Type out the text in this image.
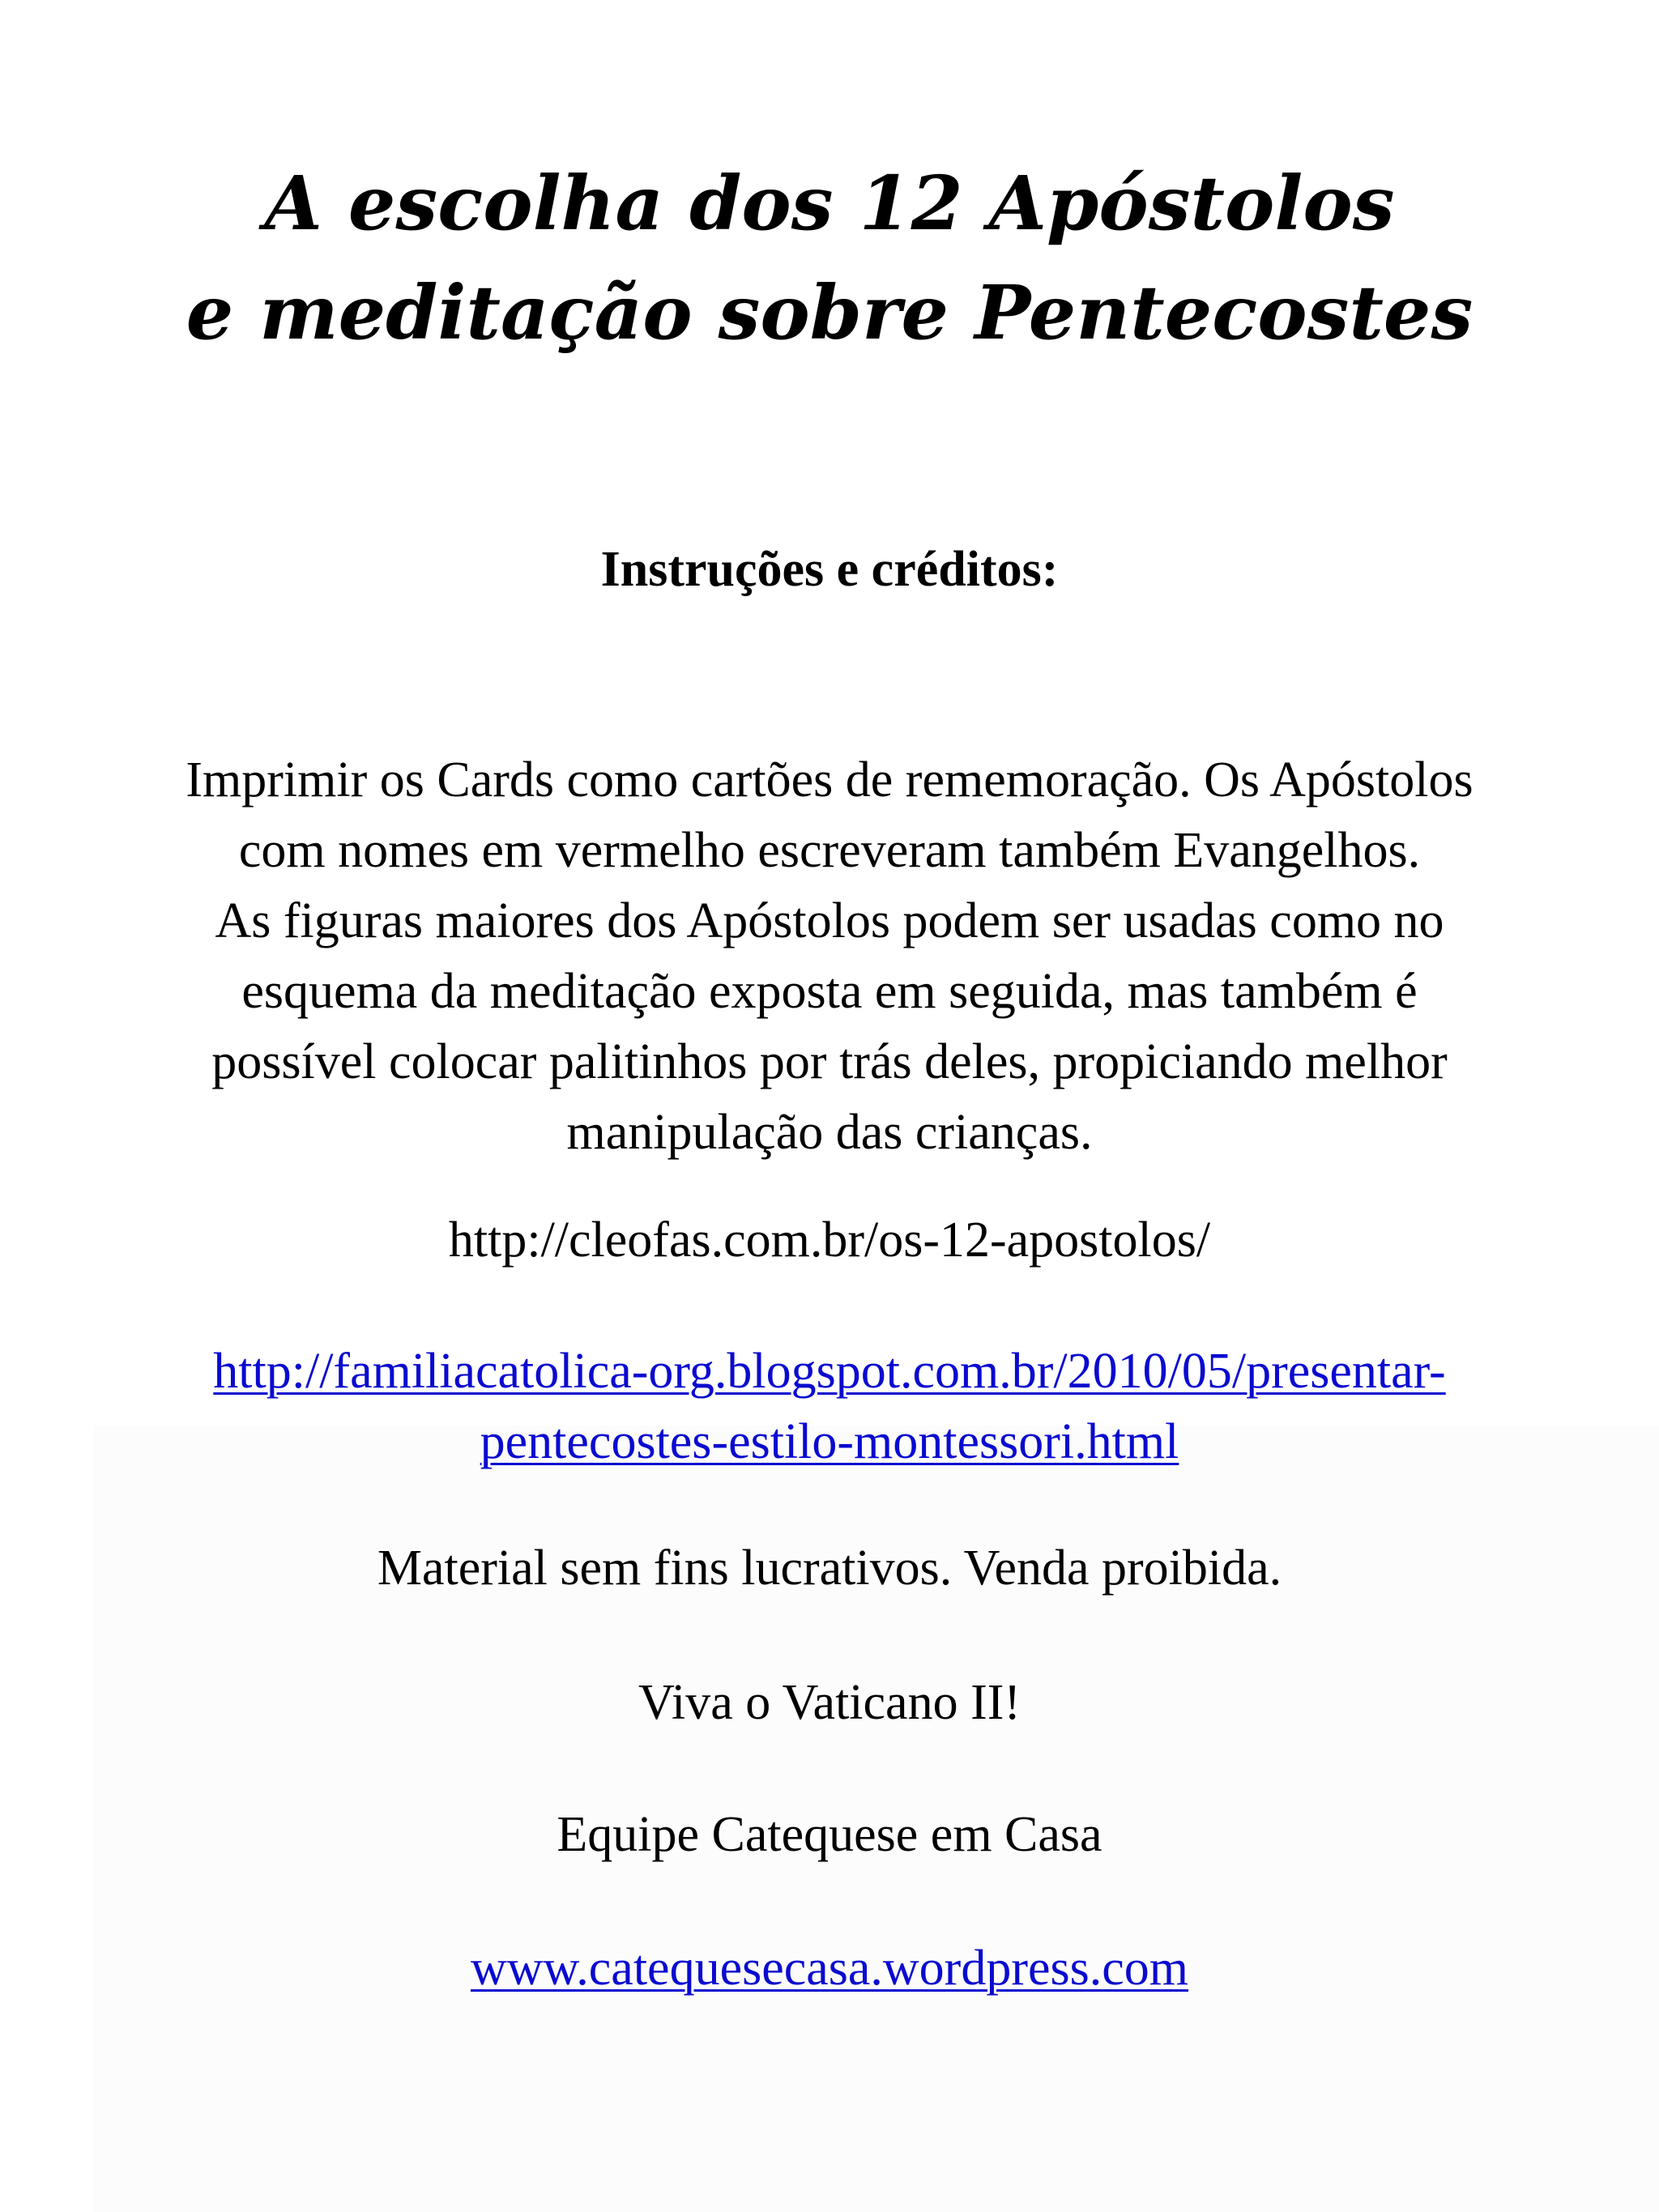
A escolha dos 12 Apóstolos
e meditação sobre Pentecostes
Instruções e créditos:
Imprimir os Cards como cartões de rememoração. Os Apóstolos
com nomes em vermelho escreveram também Evangelhos.
As figuras maiores dos Apóstolos podem ser usadas como no
esquema da meditação exposta em seguida, mas também é
possível colocar palitinhos por trás deles, propiciando melhor
manipulação das crianças.
http://cleofas.com.br/os-12-apostolos/
http://familiacatolica-org.blogspot.com.br/2010/05/presentar-
pentecostes-estilo-montessori.html
Material sem fins lucrativos. Venda proibida.
Viva o Vaticano II!
Equipe Catequese em Casa
www.catequesecasa.wordpress.com
